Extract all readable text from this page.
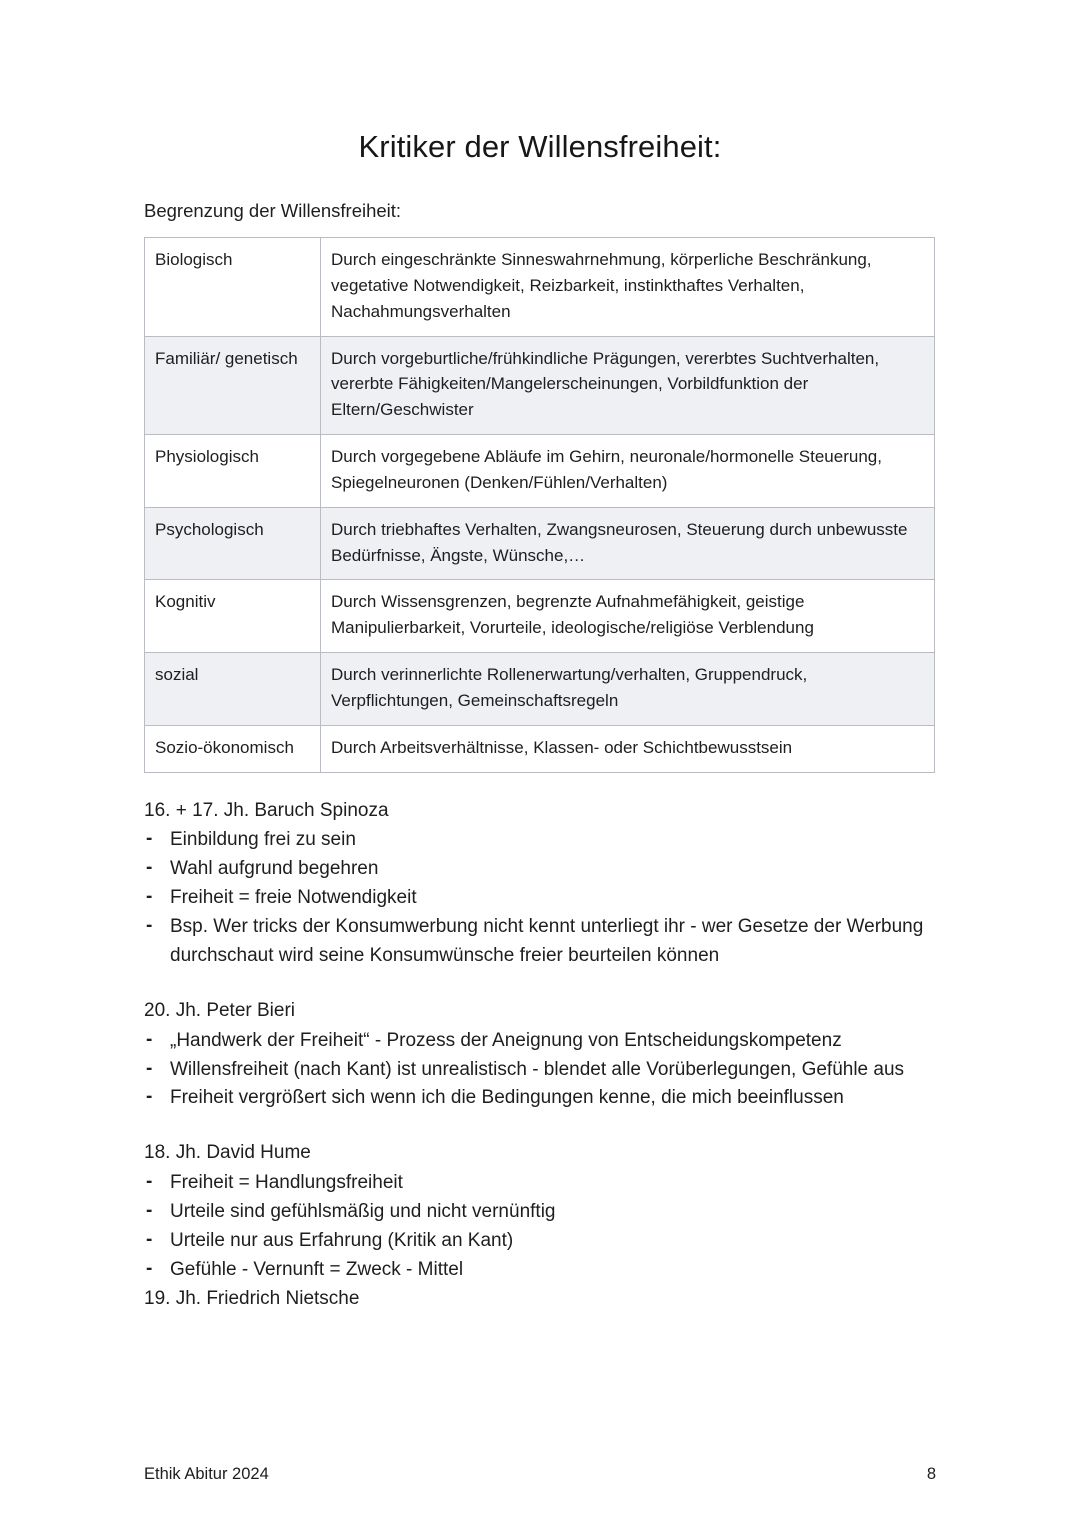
Kritiker der Willensfreiheit:

Begrenzung der Willensfreiheit:

Biologisch	Durch eingeschränkte Sinneswahrnehmung, körperliche Beschränkung, vegetative Notwendigkeit, Reizbarkeit, instinkthaftes Verhalten, Nachahmungsverhalten
Familiär/ genetisch	Durch vorgeburtliche/frühkindliche Prägungen, vererbtes Suchtverhalten, vererbte Fähigkeiten/Mangelerscheinungen, Vorbildfunktion der Eltern/Geschwister
Physiologisch	Durch vorgegebene Abläufe im Gehirn, neuronale/hormonelle Steuerung, Spiegelneuronen (Denken/Fühlen/Verhalten)
Psychologisch	Durch triebhaftes Verhalten, Zwangsneurosen, Steuerung durch unbewusste Bedürfnisse, Ängste, Wünsche,…
Kognitiv	Durch Wissensgrenzen, begrenzte Aufnahmefähigkeit, geistige Manipulierbarkeit, Vorurteile, ideologische/religiöse Verblendung
sozial	Durch verinnerlichte Rollenerwartung/verhalten, Gruppendruck, Verpflichtungen, Gemeinschaftsregeln
Sozio-ökonomisch	Durch Arbeitsverhältnisse, Klassen- oder Schichtbewusstsein

16. + 17. Jh. Baruch Spinoza

- Einbildung frei zu sein
- Wahl aufgrund begehren
- Freiheit = freie Notwendigkeit
- Bsp. Wer tricks der Konsumwerbung nicht kennt unterliegt ihr - wer Gesetze der Werbung durchschaut wird seine Konsumwünsche freier beurteilen können

20. Jh. Peter Bieri

- „Handwerk der Freiheit“ - Prozess der Aneignung von Entscheidungskompetenz
- Willensfreiheit (nach Kant) ist unrealistisch - blendet alle Vorüberlegungen, Gefühle aus
- Freiheit vergrößert sich wenn ich die Bedingungen kenne, die mich beeinflussen

18. Jh. David Hume

- Freiheit = Handlungsfreiheit
- Urteile sind gefühlsmäßig und nicht vernünftig
- Urteile nur aus Erfahrung (Kritik an Kant)
- Gefühle - Vernunft = Zweck - Mittel

19. Jh. Friedrich Nietsche

Ethik Abitur 2024	8
